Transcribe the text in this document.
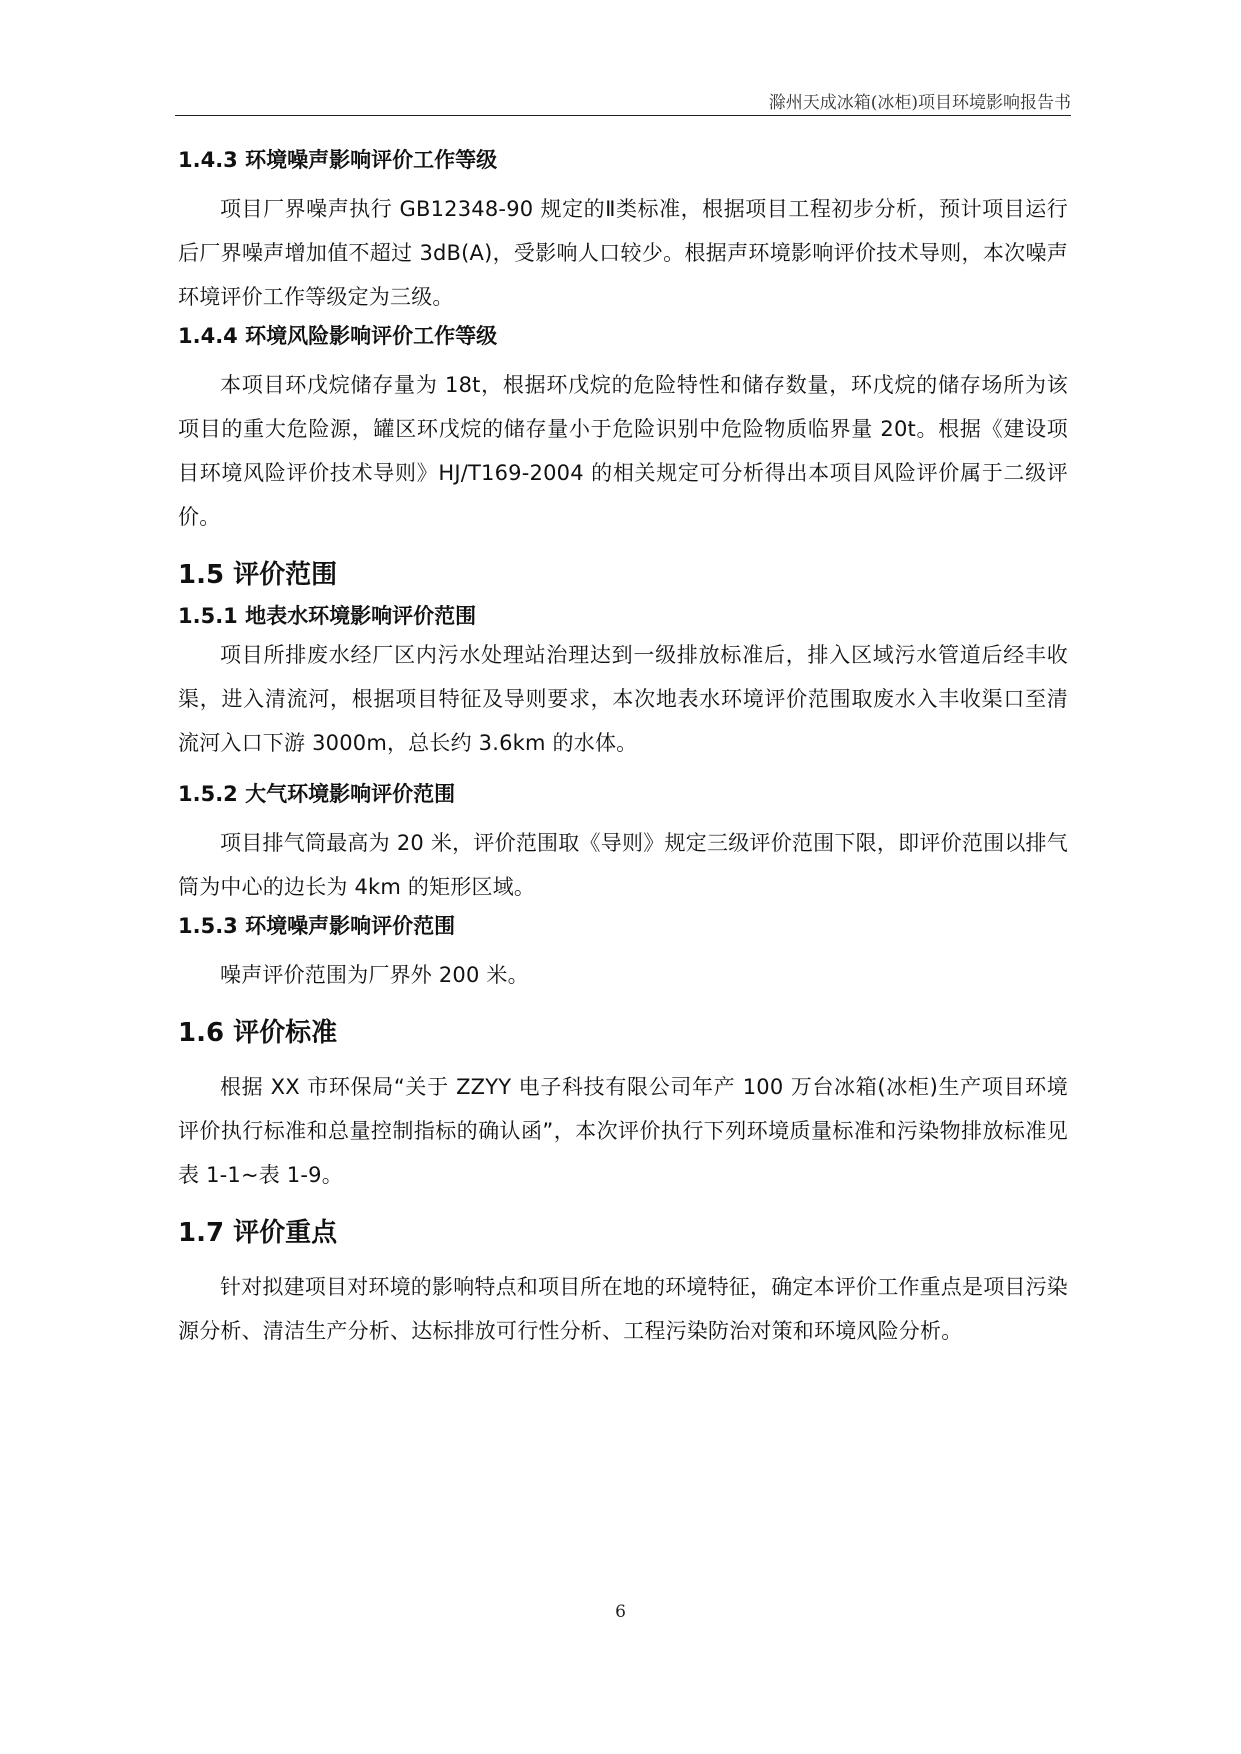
滁州天成冰箱(冰柜)项目环境影响报告书
1.4.3 环境噪声影响评价工作等级

项目厂界噪声执行 GB12348-90 规定的Ⅱ类标准，根据项目工程初步分析，预计项目运行后厂界噪声增加值不超过 3dB(A)，受影响人口较少。根据声环境影响评价技术导则，本次噪声环境评价工作等级定为三级。

1.4.4 环境风险影响评价工作等级

本项目环戊烷储存量为 18t，根据环戊烷的危险特性和储存数量，环戊烷的储存场所为该项目的重大危险源，罐区环戊烷的储存量小于危险识别中危险物质临界量 20t。根据《建设项目环境风险评价技术导则》HJ/T169-2004 的相关规定可分析得出本项目风险评价属于二级评价。

1.5 评价范围
1.5.1 地表水环境影响评价范围

项目所排废水经厂区内污水处理站治理达到一级排放标准后，排入区域污水管道后经丰收渠，进入清流河，根据项目特征及导则要求，本次地表水环境评价范围取废水入丰收渠口至清流河入口下游 3000m，总长约 3.6km 的水体。

1.5.2 大气环境影响评价范围

项目排气筒最高为 20 米，评价范围取《导则》规定三级评价范围下限，即评价范围以排气筒为中心的边长为 4km 的矩形区域。

1.5.3 环境噪声影响评价范围

噪声评价范围为厂界外 200 米。

1.6 评价标准

根据 XX 市环保局“关于 ZZYY 电子科技有限公司年产 100 万台冰箱(冰柜)生产项目环境评价执行标准和总量控制指标的确认函”，本次评价执行下列环境质量标准和污染物排放标准见表 1-1~表 1-9。

1.7 评价重点

针对拟建项目对环境的影响特点和项目所在地的环境特征，确定本评价工作重点是项目污染源分析、清洁生产分析、达标排放可行性分析、工程污染防治对策和环境风险分析。

6
